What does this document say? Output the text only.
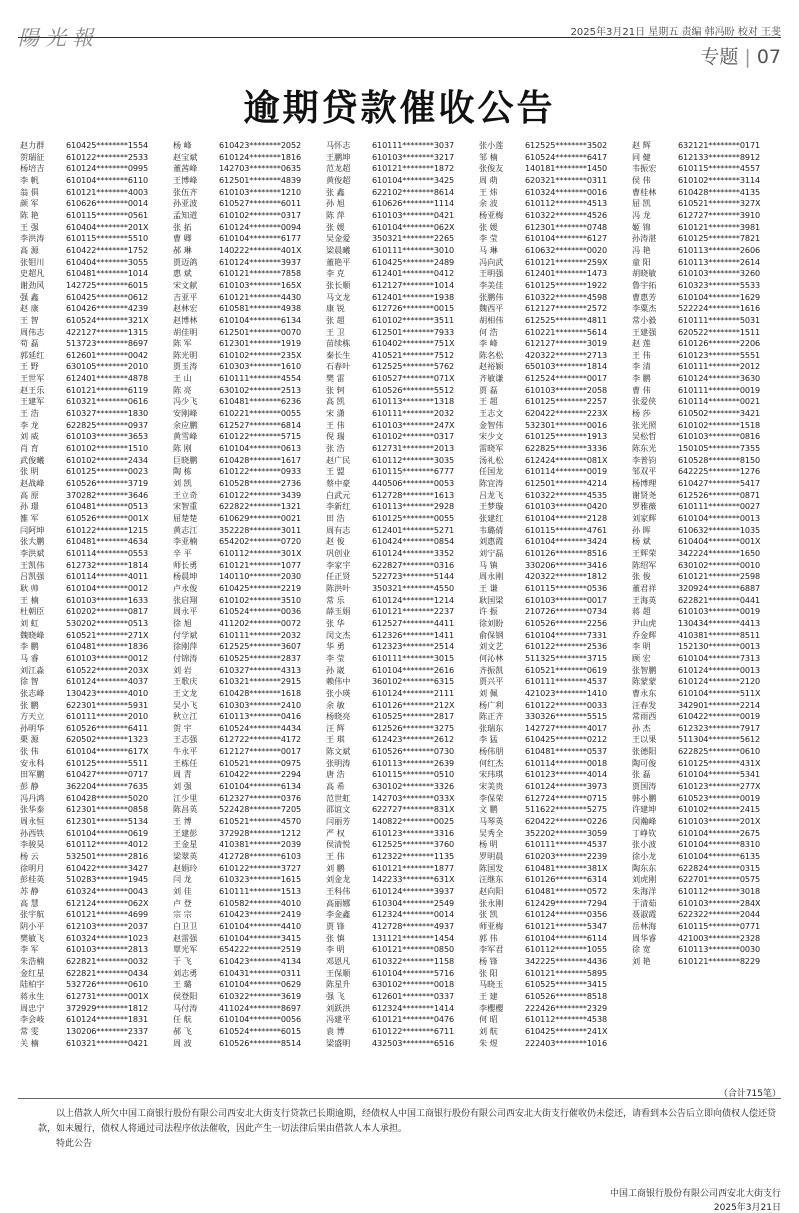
陽光報	2025年3月21日 星期五 责编 韩冯盼 校对 王斐
专题 | 07
逾期贷款催收公告
赵力群	610425********1554
贺瑞征	610122********2533
杨培吉	610124********0995
李 帆	610104********6110
翁 俱	610121********4003
颜 军	610626********0014
陈 艳	610115********0561
王 强	610404********201X
李洪涛	610115********5510
高 源	610422********1752
张钼川	610404********3055
史超凡	610481********1014
谢劲风	142725********6015
强 鑫	610425********0612
赵 康	610426********4239
王 智	610524********321X
周伟志	422127********1315
苟 磊	513723********8697
郭延红	612601********0042
王 野	630105********2010
王世军	612401********4878
赵王乐	610121********6119
王建军	610321********0616
王 浩	610327********1830
李 龙	622825********0937
刘 威	610103********3653
肖 育	610102********1510
武俊曦	610102********2434
张 明	610125********0023
赵战峰	610526********3719
高 原	370282********3646
孙 璟	610481********0513
雒 军	610526********001X
闫阿坤	610122********1215
张大鹏	610481********4634
李洪斌	610114********0553
王凯伟	612732********1814
吕凯强	610114********4011
耿 帅	610104********0012
王 楠	610103********1633
杜朝臣	610202********0817
刘 虹	530202********0513
魏晓峰	610521********271X
李 鹏	610481********1836
马 睿	610103********0012
刘江淼	610522********203X
徐 智	610124********4037
张志峰	130423********4010
张 鹏	622301********5931
方天立	610111********2010
孙明华	610526********6411
栗 源	620502********1323
张 伟	610104********617X
安永科	610125********5511
田军鹏	610427********0717
彭 静	362204********7635
冯丹鸿	610428********5020
张华泰	612301********0858
周永恒	612301********5134
孙西铁	610104********0619
李骏昊	610112********4012
杨 云	532501********2816
徐明月	610422********3427
彭桂英	510283********1945
苏 静	610324********0043
高 慧	612124********062X
张宇航	610121********4699
阴小平	612103********2037
樊敏飞	610324********1023
李 军	610103********2813
朱浩楠	622821********0032
金红星	622821********0434
陆柏宇	532726********0610
蒋永生	612731********001X
周忠宁	372929********1812
李会岐	610124********1831
常 雯	130206********2337
关 楠	610321********0421
杨 峰	610423********2052
赵宝斌	610124********1816
董茜峰	142703********0635
王博峰	612501********4839
张伍齐	610103********1210
孙亚波	610527********6011
孟知道	610102********0317
张 拓	610124********0094
曹 卿	610104********6177
郝 琳	140222********401X
贾迈鸽	610124********3937
惠 斌	610121********7858
宋文献	610103********165X
吉亚平	610121********4430
赵林宏	610581********4938
赵博林	610104********6134
胡佳明	612501********0070
陈 军	612301********1919
陈光明	610102********235X
贾玉涛	610303********1610
王 山	610111********4554
陈 亮	630102********2513
冯少飞	610481********6236
安刚峰	610221********0055
余应鹏	612527********6814
黄雪峰	610122********5715
陈 刚	610104********0613
巨晓鹏	610428********1617
陶 栋	610122********0933
刘 凯	610528********2736
王立奇	610122********3439
宋智重	622822********1321
屈楚楚	610629********0021
黄志江	352228********3011
李亚楠	654202********0720
辛 平	610112********301X
师长勇	610121********1077
杨晨坤	140110********2030
卢永俊	610425********2219
张启翔	610102********3510
周永平	610524********0036
徐 旭	411202********0072
付学斌	610111********2032
徐刚萍	612525********3607
付锦涛	610525********2837
刘 岩	610327********4313
王歌庆	610321********2915
王文龙	610428********1618
吴小飞	610303********2410
秋立江	610113********0416
贺 宇	610524********4434
王志强	612722********4172
牛永平	612127********0017
王栋任	610521********0975
周 青	610422********2294
刘 强	610104********6134
江少里	612327********0376
陈昌英	522428********7205
王 博	610521********4570
王建彭	372928********1212
王金星	410381********2039
梁翠英	412728********6103
赵娟玲	610122********3727
闫 龙	610323********1615
刘 佳	610111********1513
卢 登	610582********4010
宗 宗	610423********2419
白卫卫	610104********4410
赵雷强	610104********3415
覃光军	654222********2519
于 飞	610423********4134
刘志勇	610431********0311
王 璐	610104********0629
侯登阳	610322********3619
马付涛	411024********8697
任 航	610104********0056
郝 飞	610524********6015
周 波	610526********8514
马怀志	610111********3037
王鹏坤	610103********3217
范龙超	610121********1872
黄俊超	610104********3425
张 鑫	622102********8614
孙 旭	610626********1114
陈 萍	610103********0421
张 媛	610104********062X
吴金爱	350321********2265
梁晨曦	610111********3010
董艳平	610425********2489
李 克	612401********0412
张长顺	612127********1014
马文龙	612401********1938
康 锐	612726********0015
张 超	610102********3511
王 卫	612501********7933
苗续栋	610402********751X
秦长生	410521********7512
石春叶	612525********5762
樊 雷	610527********071X
张 轲	610526********5512
高 凯	610113********1318
宋 潇	610111********2032
王 伟	610103********247X
倪 瑞	610102********0317
张 浩	612731********2013
赵广民	610112********3035
王 盟	610115********6777
蔡中豪	440506********0053
白武元	612728********1613
李新红	610113********2928
田 浩	610125********0055
周有志	612401********5271
赵 俊	610424********0854
巩创业	610124********3352
李家宇	622827********0316
任正贤	522723********5144
陈洪叶	350321********4550
常 乐	610124********1214
薛玉娟	610121********2237
张 华	612527********4411
闵文杰	612326********1411
华 勇	612323********2514
李 莹	610111********3015
孙 崴	610104********2616
赖伟中	360102********6315
张小瑛	610124********2111
余 敏	610126********212X
杨晓亮	610525********2817
汪 辉	612526********3275
王 琪	612423********2612
陈文斌	610526********0730
张明涛	610113********2639
唐 浩	610115********0510
高 希	630102********3326
范世虹	142703********033X
邵谊文	622727********831X
闫丽芳	140822********0025
严 权	610123********3316
侯清悦	612525********3760
王 伟	612322********1135
刘 鹏	610121********1877
刘金龙	142233********631X
王科伟	610124********3937
高丽娜	610304********2549
李金鑫	612324********0014
贾 锋	412728********4937
张 慎	131121********1454
李 明	610121********0850
邓恩凡	610322********1158
王保顺	610104********5716
陈星升	630102********0018
强 飞	612601********0337
刘跃洪	612324********1414
冯建平	610121********0476
袁 博	610122********6711
梁盛明	432503********6516
张小莲	612525********3502
邹 楠	610524********6417
张俊友	140181********1450
周 萌	620321********0311
王 炜	610324********0016
余 波	610112********4513
杨亚梅	610322********4526
张 媛	612301********0748
李 莹	610104********6127
马 琳	610632********0020
冯向武	610121********259X
王明强	612401********1473
李美佳	610125********1922
张鹏伟	610322********4598
魏西平	612127********2572
胡相伟	612525********4811
何 浩	610221********5614
李 峰	612127********3019
陈名松	420322********2713
赵裕颖	650103********1814
齐敏谦	612524********0017
贾 磊	610103********2058
王 超	610125********2257
王志文	620422********223X
金智伟	532301********0016
宋少文	610125********1913
雷晓军	622825********3336
汤礼松	612424********081X
任国龙	610114********0019
陈宜涛	612501********4214
吕龙飞	610322********4535
王梦璇	610103********0420
张建红	610104********2128
韦璐倩	610115********4761
刘惠霞	610104********3424
刘宁磊	610126********8516
马 镇	330206********3416
周永刚	420322********1812
王 谦	610115********0536
耿国梁	610103********0017
许 振	210726********0734
徐刘盼	610526********2256
俞保钢	610104********7331
刘文艺	610122********2536
何沁林	511325********3715
齐振凯	610521********0619
贾兴平	610111********4537
刘 佩	421023********1410
杨广利	610122********0033
陈正齐	330326********5515
张瑞东	142727********4017
李 猛	610425********0212
杨伟朋	610481********0537
何红杰	610114********0018
宋玮琪	610123********4014
宋美贵	610124********3973
李保荣	612724********0715
文 鹏	511622********5275
马琴英	620422********0226
吴秀全	352202********3059
杨 明	610111********4537
罗明晨	610203********2239
陈国发	610481********381X
汪继东	610126********6314
赵向阳	610481********0572
张永刚	612429********7294
张 凯	610124********0356
师亚梅	610121********5347
郭 伟	610104********6114
李军君	610112********1055
杨 锋	342225********4436
张 阳	610121********5895
马晓玉	610525********3415
王 建	610526********8518
李櫻櫻	222426********2329
何 昭	610112********4538
刘 航	610425********241X
朱 煜	222403********1016
赵 辉	632121********0171
同 健	612133********8912
韦振宏	610115********4557
侯 伟	610102********3114
曹桂林	610428********4135
屈 凯	610521********327X
冯 龙	612727********3910
姬 锦	610121********3981
孙涛湛	610125********7821
冯 艳	610113********2606
童 阳	610113********2614
胡晓敏	610103********3260
鲁宇拓	610323********5533
曹惠芳	610104********1629
李粟杰	522224********1616
常小毅	610111********5031
王建强	620522********1511
赵 莲	610126********2206
王 伟	610123********5551
李 清	610111********2012
李 鹏	610124********3630
曹 伟	610111********0019
张爱侠	610114********0021
杨 莎	610502********3421
张光照	610102********1518
吴松哲	610103********0816
陈东光	150105********7355
李普钧	610528********8150
邹双平	642225********1276
杨博理	610427********5417
谢贤尧	612526********0871
罗雅薇	610111********0027
刘家辉	610104********0013
孙 晖	610632********1035
杨 斌	610404********001X
王辉荣	342224********1650
陈绍军	630102********0010
张 俊	610121********2598
董君祥	320924********6887
王海英	622821********0441
蒋 超	610103********0019
尹山虎	130434********4413
乔金辉	410381********8511
李 明	152130********0013
顾 宏	610104********7313
张智鹏	610124********0013
陈蒙蒙	610124********2120
曹永东	610104********511X
汪春发	342901********2214
常雨西	610422********0019
孙 杰	612323********7917
王以果	511304********5612
张德阳	622825********0610
陶可俊	610125********431X
张 磊	610104********5341
贾国涛	610123********277X
韩小鹏	610523********0019
许建坤	610102********2415
闵瀚峰	610103********201X
丁峥钦	610104********2675
张小波	610104********8310
徐小龙	610104********6135
陶东东	622824********0315
刘虎刚	622701********0575
朱海洋	610112********3018
于清茹	610103********284X
聂淑霞	622322********2044
岳林海	610115********0771
周华睿	421003********2328
徐 宽	610113********0030
刘 艳	610121********8229
（合计715笔）
以上借款人所欠中国工商银行股份有限公司西安北大街支行贷款已长期逾期，经债权人中国工商银行股份有限公司西安北大街支行催收仍未偿还，请看到本公告后立即向债权人偿还贷款，如未履行，债权人将通过司法程序依法催收，因此产生一切法律后果由借款人本人承担。
特此公告
中国工商银行股份有限公司西安北大街支行
2025年3月21日
